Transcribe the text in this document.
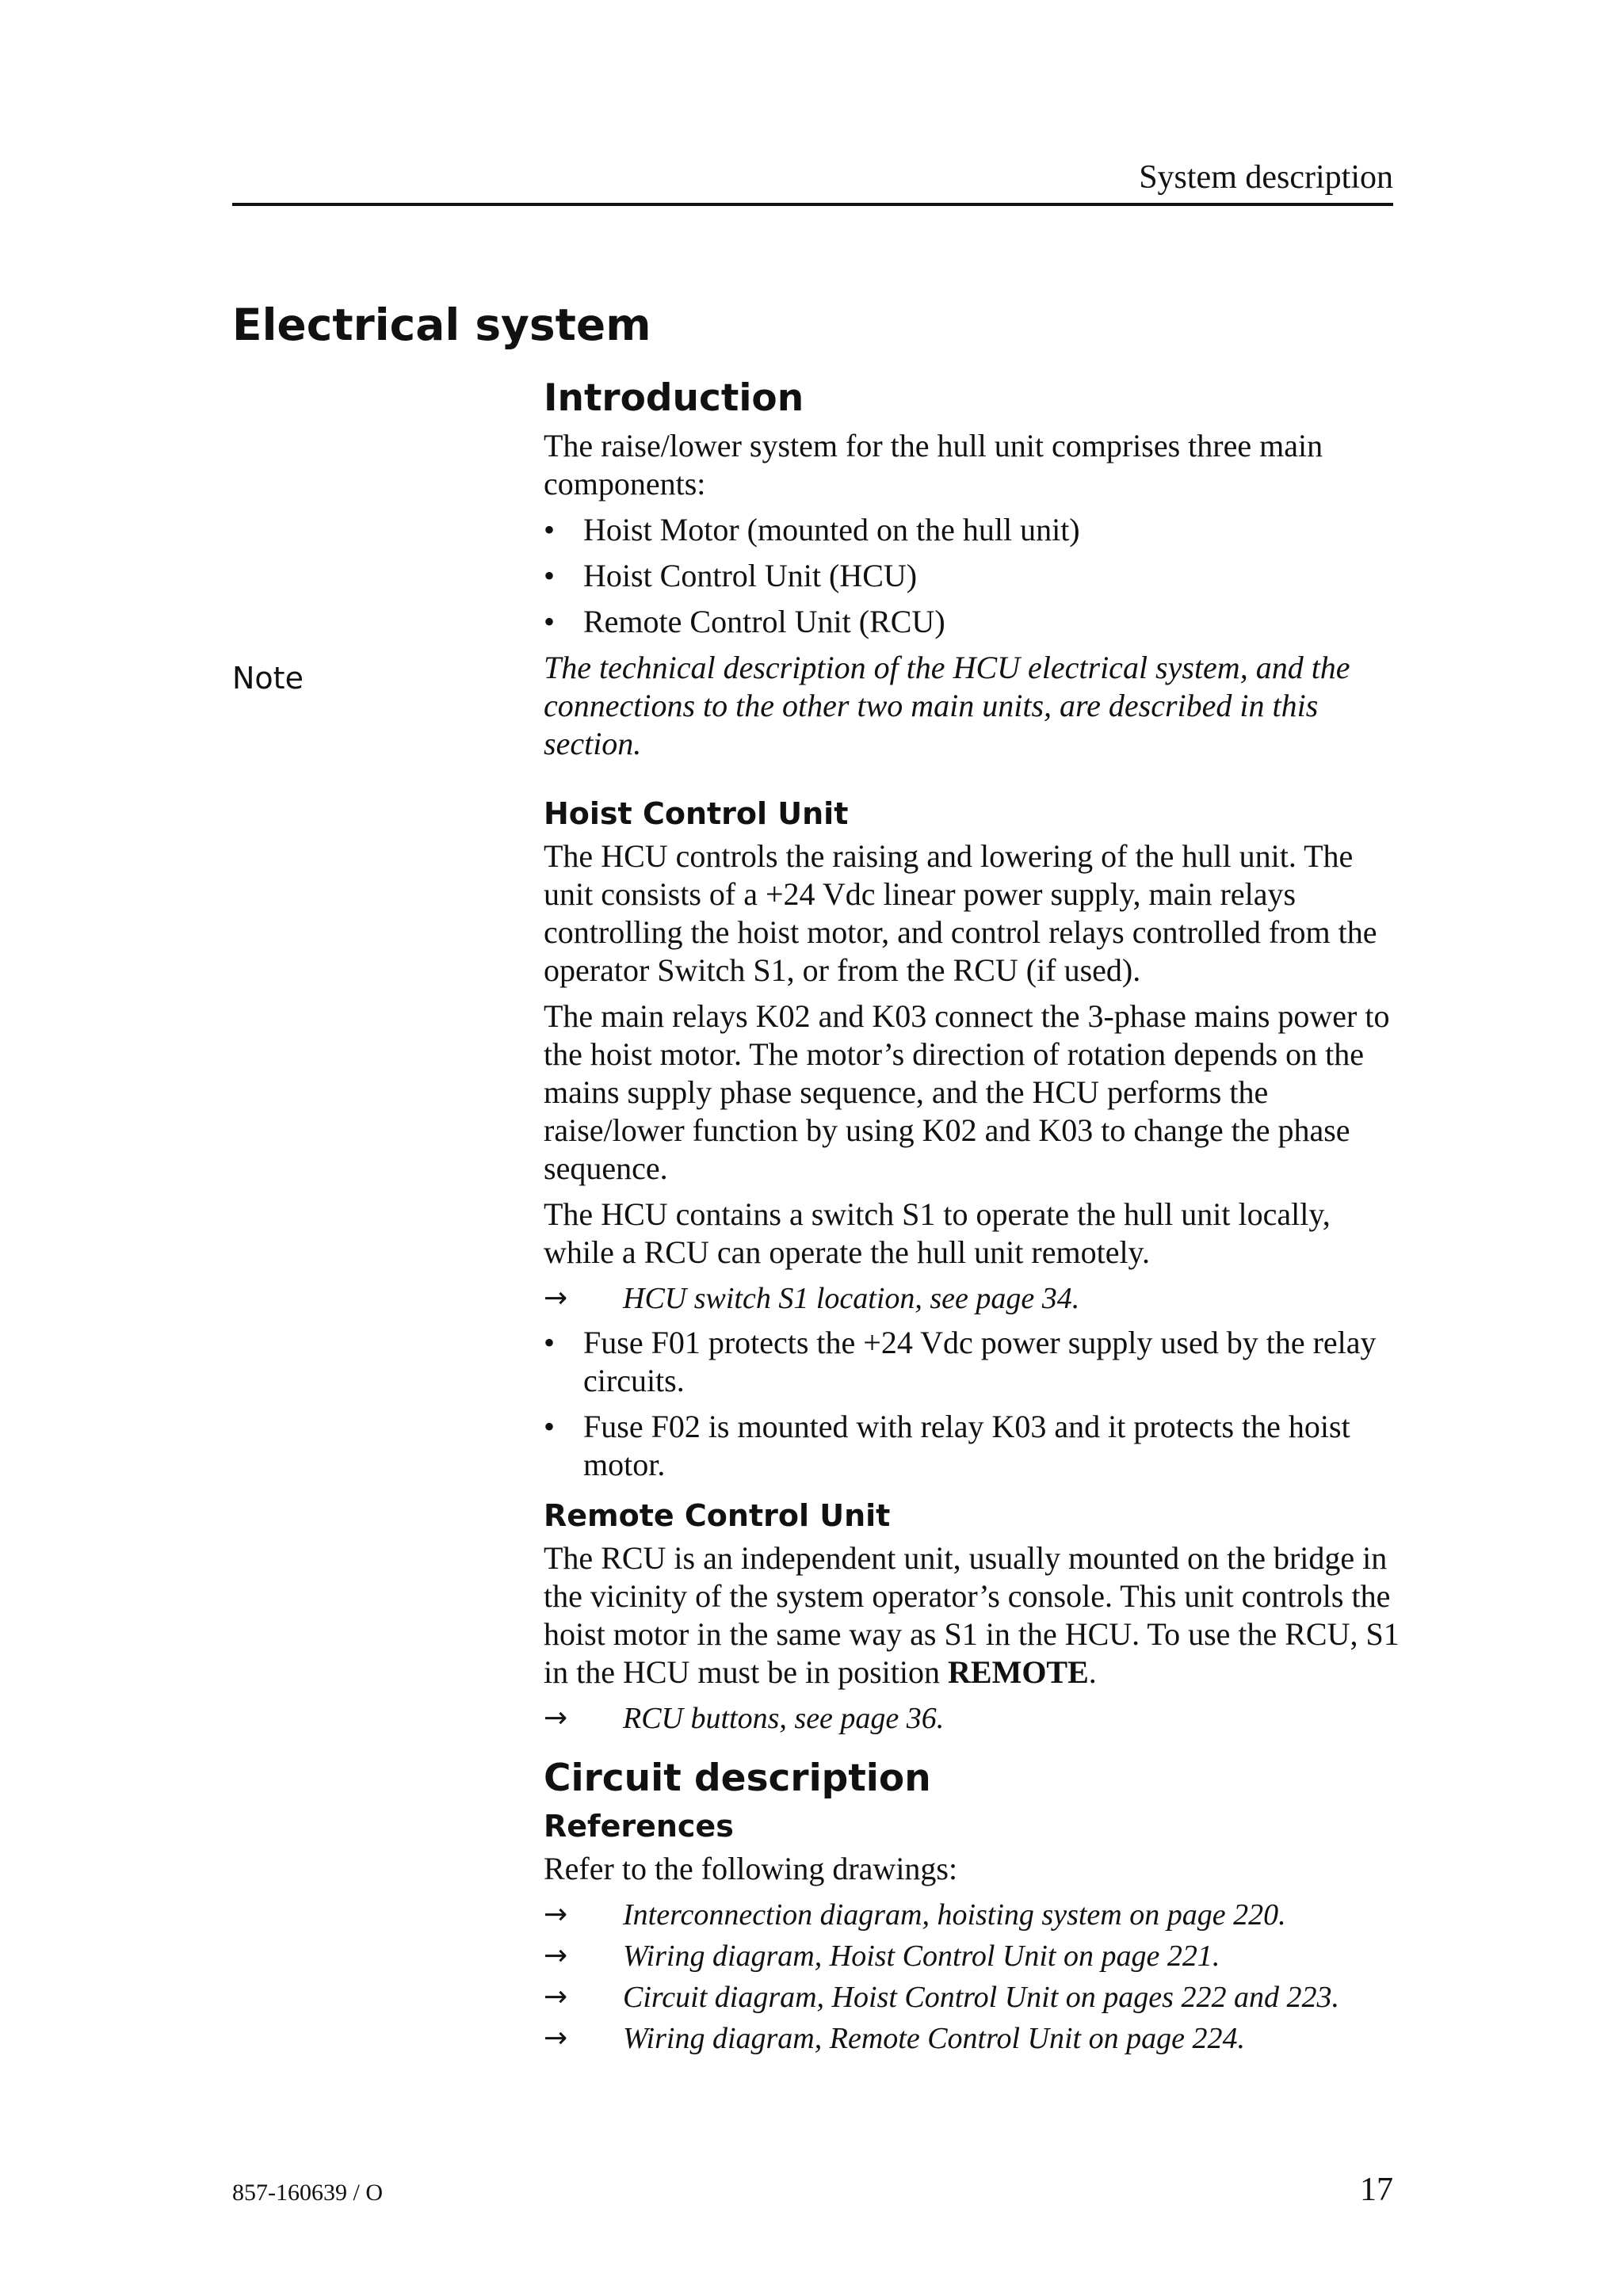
System description
Electrical system
Note
Introduction

The raise/lower system for the hull unit comprises three main components:

• Hoist Motor (mounted on the hull unit)
• Hoist Control Unit (HCU)
• Remote Control Unit (RCU)

The technical description of the HCU electrical system, and the connections to the other two main units, are described in this section.

Hoist Control Unit

The HCU controls the raising and lowering of the hull unit. The unit consists of a +24 Vdc linear power supply, main relays controlling the hoist motor, and control relays controlled from the operator Switch S1, or from the RCU (if used).

The main relays K02 and K03 connect the 3-phase mains power to the hoist motor. The motor’s direction of rotation depends on the mains supply phase sequence, and the HCU performs the raise/lower function by using K02 and K03 to change the phase sequence.

The HCU contains a switch S1 to operate the hull unit locally, while a RCU can operate the hull unit remotely.

→ HCU switch S1 location, see page 34.
• Fuse F01 protects the +24 Vdc power supply used by the relay circuits.
• Fuse F02 is mounted with relay K03 and it protects the hoist motor.
Remote Control Unit

The RCU is an independent unit, usually mounted on the bridge in the vicinity of the system operator’s console. This unit controls the hoist motor in the same way as S1 in the HCU. To use the RCU, S1 in the HCU must be in position REMOTE.

→ RCU buttons, see page 36.
Circuit description
References

Refer to the following drawings:

→ Interconnection diagram, hoisting system on page 220.
→ Wiring diagram, Hoist Control Unit on page 221.
→ Circuit diagram, Hoist Control Unit on pages 222 and 223.
→ Wiring diagram, Remote Control Unit on page 224.
857-160639 / O	17
